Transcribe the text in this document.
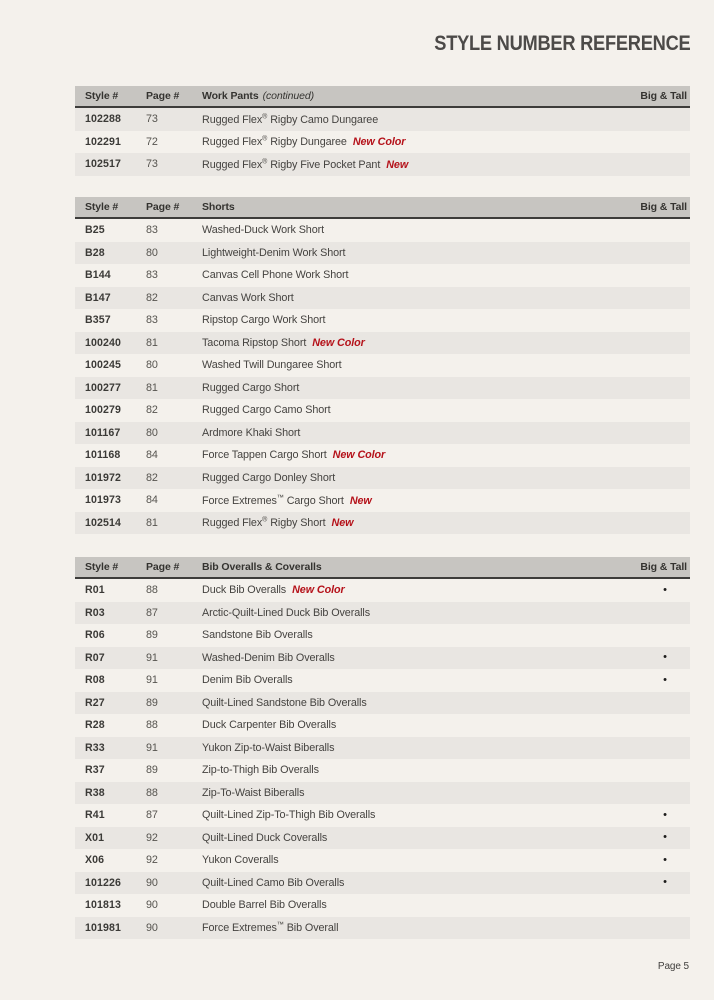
STYLE NUMBER REFERENCE
Style #	Page #	Work Pants (continued)	Big & Tall
102288	73	Rugged Flex® Rigby Camo Dungaree
102291	72	Rugged Flex® Rigby Dungaree New Color
102517	73	Rugged Flex® Rigby Five Pocket Pant New
Style #	Page #	Shorts	Big & Tall
B25	83	Washed-Duck Work Short
B28	80	Lightweight-Denim Work Short
B144	83	Canvas Cell Phone Work Short
B147	82	Canvas Work Short
B357	83	Ripstop Cargo Work Short
100240	81	Tacoma Ripstop Short New Color
100245	80	Washed Twill Dungaree Short
100277	81	Rugged Cargo Short
100279	82	Rugged Cargo Camo Short
101167	80	Ardmore Khaki Short
101168	84	Force Tappen Cargo Short New Color
101972	82	Rugged Cargo Donley Short
101973	84	Force Extremes™ Cargo Short New
102514	81	Rugged Flex® Rigby Short New
Style #	Page #	Bib Overalls & Coveralls	Big & Tall
R01	88	Duck Bib Overalls New Color	•
R03	87	Arctic-Quilt-Lined Duck Bib Overalls
R06	89	Sandstone Bib Overalls
R07	91	Washed-Denim Bib Overalls	•
R08	91	Denim Bib Overalls	•
R27	89	Quilt-Lined Sandstone Bib Overalls
R28	88	Duck Carpenter Bib Overalls
R33	91	Yukon Zip-to-Waist Biberalls
R37	89	Zip-to-Thigh Bib Overalls
R38	88	Zip-To-Waist Biberalls
R41	87	Quilt-Lined Zip-To-Thigh Bib Overalls	•
X01	92	Quilt-Lined Duck Coveralls	•
X06	92	Yukon Coveralls	•
101226	90	Quilt-Lined Camo Bib Overalls	•
101813	90	Double Barrel Bib Overalls
101981	90	Force Extremes™ Bib Overall
Page 5
